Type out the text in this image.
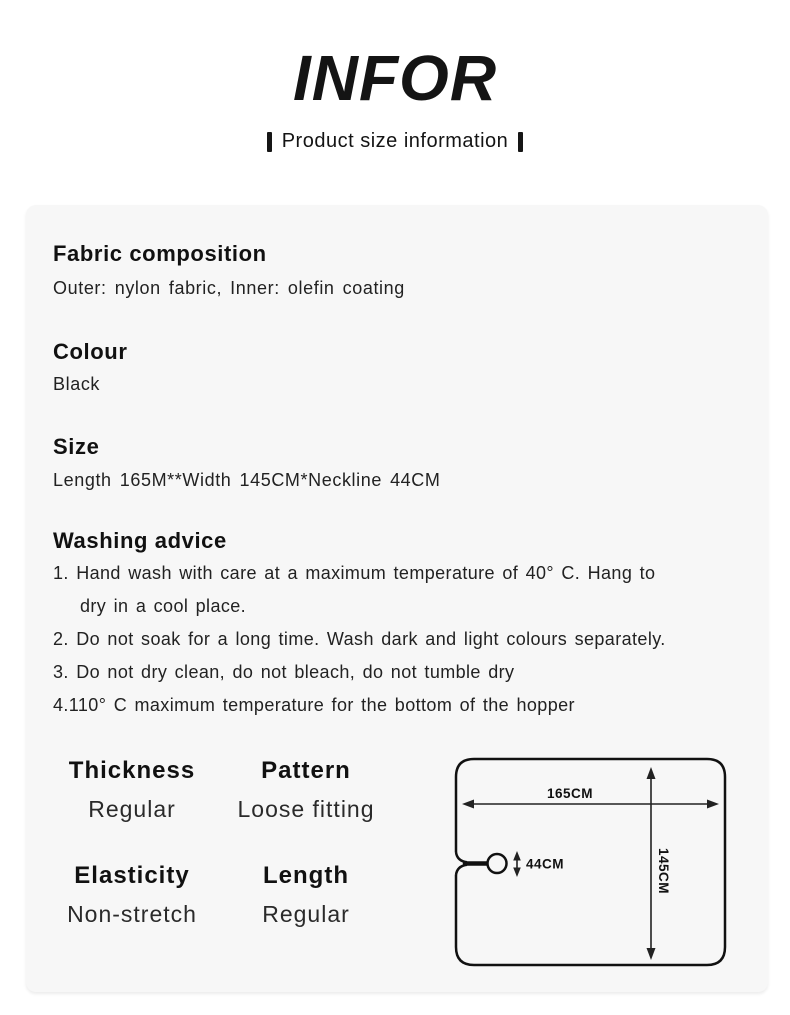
INFOR
Product size information
Fabric composition
Outer: nylon fabric, Inner: olefin coating
Colour
Black
Size
Length 165M**Width 145CM*Neckline 44CM
Washing advice
1. Hand wash with care at a maximum temperature of 40° C. Hang to
dry in a cool place.
2. Do not soak for a long time. Wash dark and light colours separately.
3. Do not dry clean, do not bleach, do not tumble dry
4.110° C maximum temperature for the bottom of the hopper
Thickness
Regular
Pattern
Loose fitting
Elasticity
Non-stretch
Length
Regular
165CM
145CM
44CM
